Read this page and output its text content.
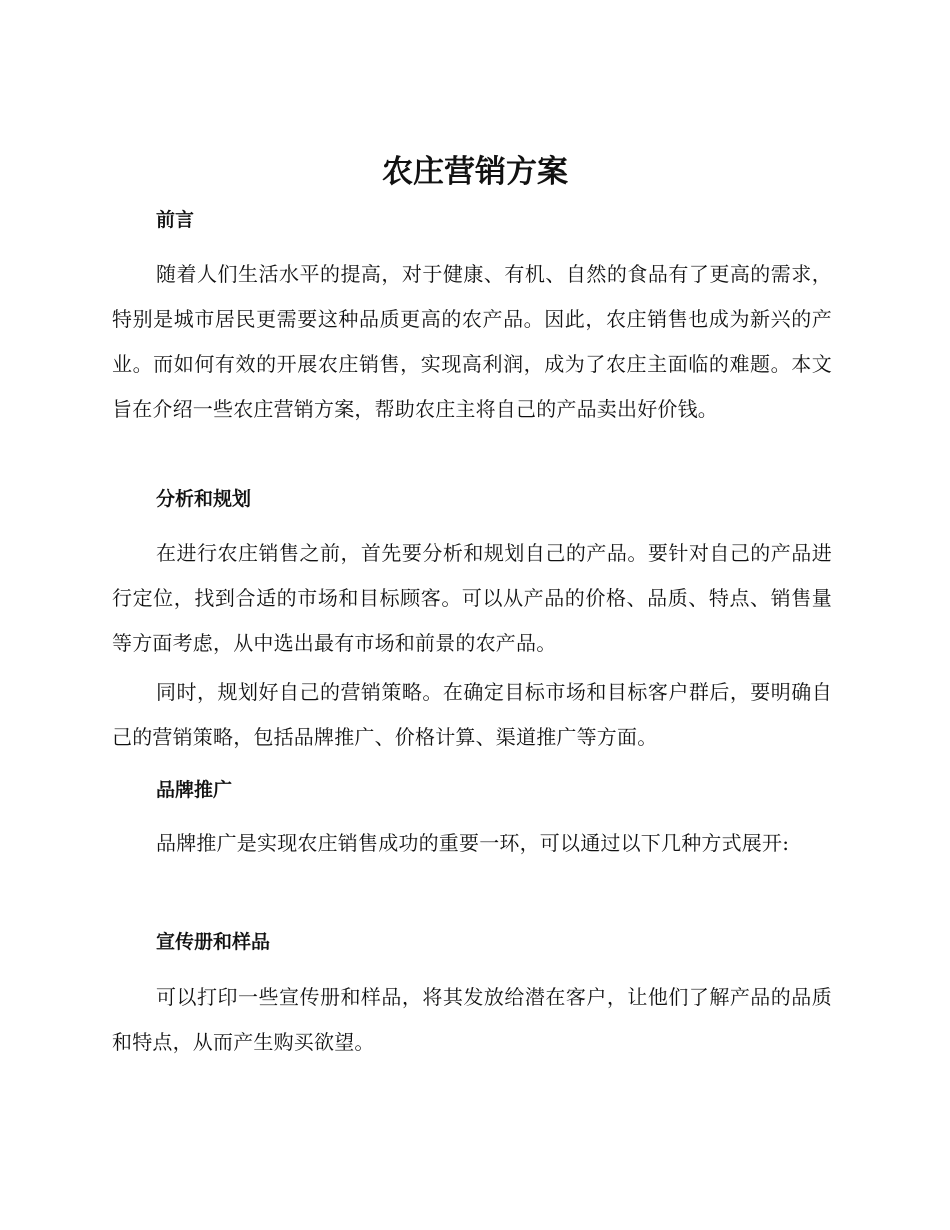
农庄营销方案
前言

随着人们生活水平的提高，对于健康、有机、自然的食品有了更高的需求，特别是城市居民更需要这种品质更高的农产品。因此，农庄销售也成为新兴的产业。而如何有效的开展农庄销售，实现高利润，成为了农庄主面临的难题。本文旨在介绍一些农庄营销方案，帮助农庄主将自己的产品卖出好价钱。

分析和规划

在进行农庄销售之前，首先要分析和规划自己的产品。要针对自己的产品进行定位，找到合适的市场和目标顾客。可以从产品的价格、品质、特点、销售量等方面考虑，从中选出最有市场和前景的农产品。

同时，规划好自己的营销策略。在确定目标市场和目标客户群后，要明确自己的营销策略，包括品牌推广、价格计算、渠道推广等方面。

品牌推广

品牌推广是实现农庄销售成功的重要一环，可以通过以下几种方式展开:

宣传册和样品

可以打印一些宣传册和样品，将其发放给潜在客户，让他们了解产品的品质和特点，从而产生购买欲望。
